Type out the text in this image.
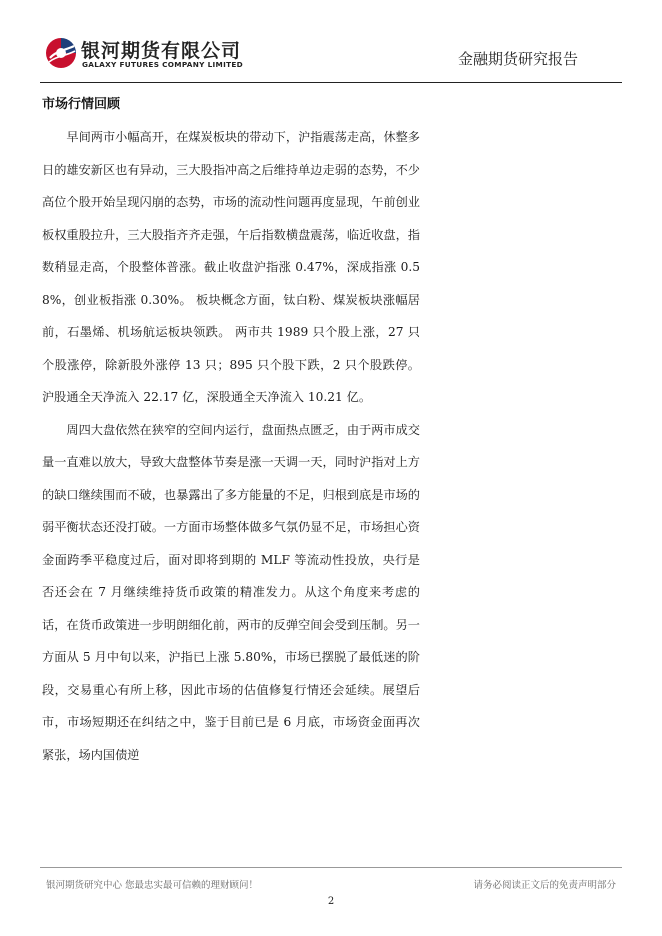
银河期货有限公司
GALAXY FUTURES COMPANY LIMITED	金融期货研究报告
市场行情回顾

早间两市小幅高开，在煤炭板块的带动下，沪指震荡走高，休整多日的雄安新区也有异动，三大股指冲高之后维持单边走弱的态势，不少高位个股开始呈现闪崩的态势，市场的流动性问题再度显现，午前创业板权重股拉升，三大股指齐齐走强，午后指数横盘震荡，临近收盘，指数稍显走高，个股整体普涨。截止收盘沪指涨 0.47%，深成指涨 0.58%，创业板指涨 0.30%。 板块概念方面，钛白粉、煤炭板块涨幅居前，石墨烯、机场航运板块领跌。 两市共 1989 只个股上涨，27 只个股涨停，除新股外涨停 13 只；895 只个股下跌，2 只个股跌停。沪股通全天净流入 22.17 亿，深股通全天净流入 10.21 亿。

周四大盘依然在狭窄的空间内运行，盘面热点匮乏，由于两市成交量一直难以放大，导致大盘整体节奏是涨一天调一天，同时沪指对上方的缺口继续围而不破，也暴露出了多方能量的不足，归根到底是市场的弱平衡状态还没打破。一方面市场整体做多气氛仍显不足，市场担心资金面跨季平稳度过后，面对即将到期的 MLF 等流动性投放，央行是否还会在 7 月继续维持货币政策的精准发力。从这个角度来考虑的话，在货币政策进一步明朗细化前，两市的反弹空间会受到压制。另一方面从 5 月中旬以来，沪指已上涨 5.80%，市场已摆脱了最低迷的阶段，交易重心有所上移，因此市场的估值修复行情还会延续。展望后市，市场短期还在纠结之中，鉴于目前已是 6 月底，市场资金面再次紧张，场内国债逆

银河期货研究中心 您最忠实最可信赖的理财顾问！	请务必阅读正文后的免责声明部分
2
